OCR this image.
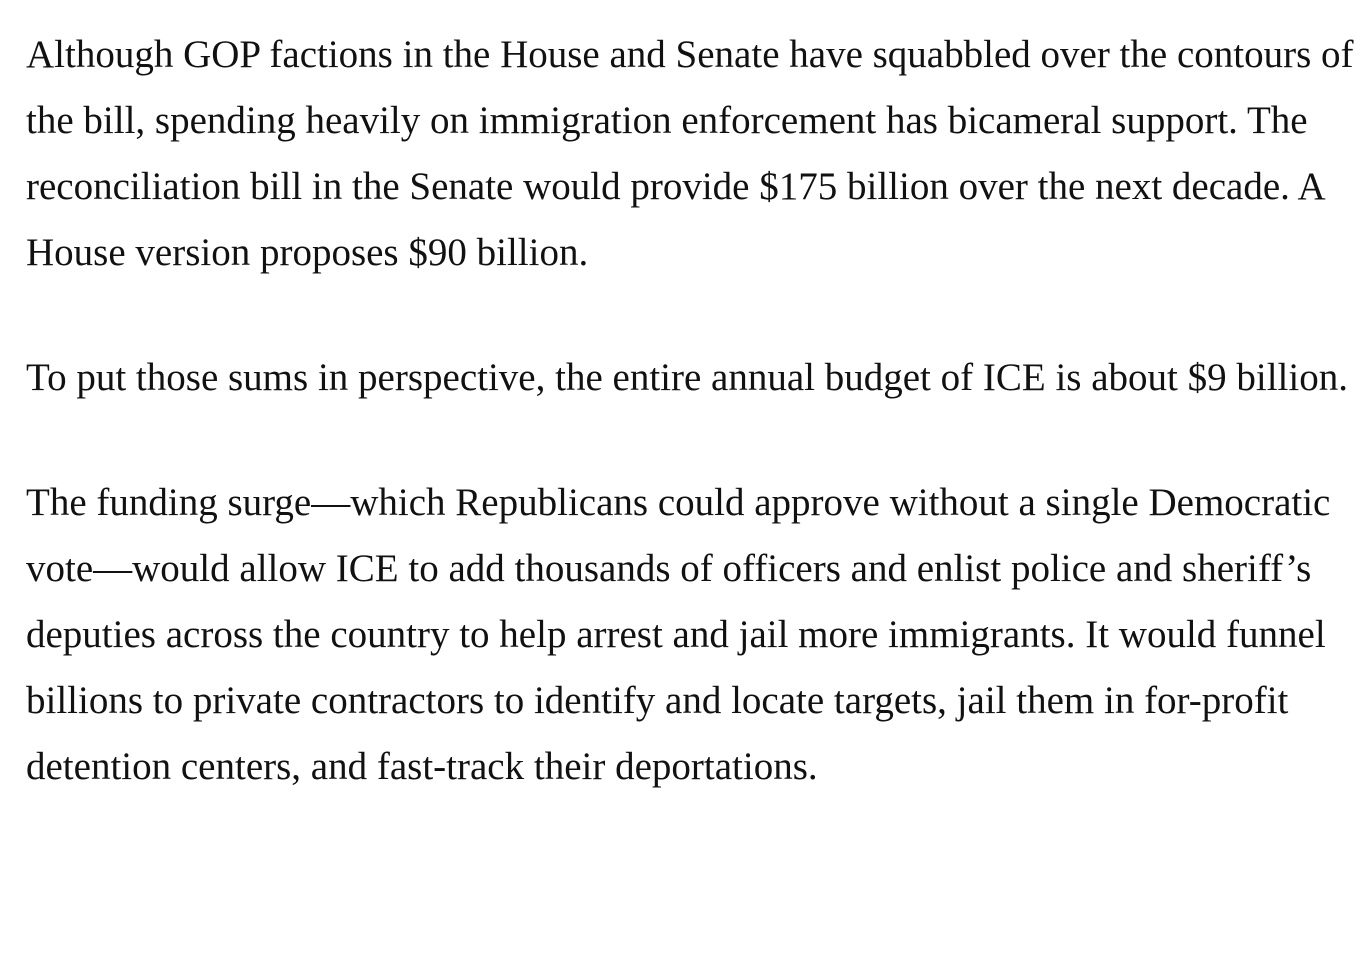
Although GOP factions in the House and Senate have squabbled over the contours of the bill, spending heavily on immigration enforcement has bicameral support. The reconciliation bill in the Senate would provide $175 billion over the next decade. A House version proposes $90 billion.

To put those sums in perspective, the entire annual budget of ICE is about $9 billion.

The funding surge—which Republicans could approve without a single Democratic vote—would allow ICE to add thousands of officers and enlist police and sheriff’s deputies across the country to help arrest and jail more immigrants. It would funnel billions to private contractors to identify and locate targets, jail them in for-profit detention centers, and fast-track their deportations.
